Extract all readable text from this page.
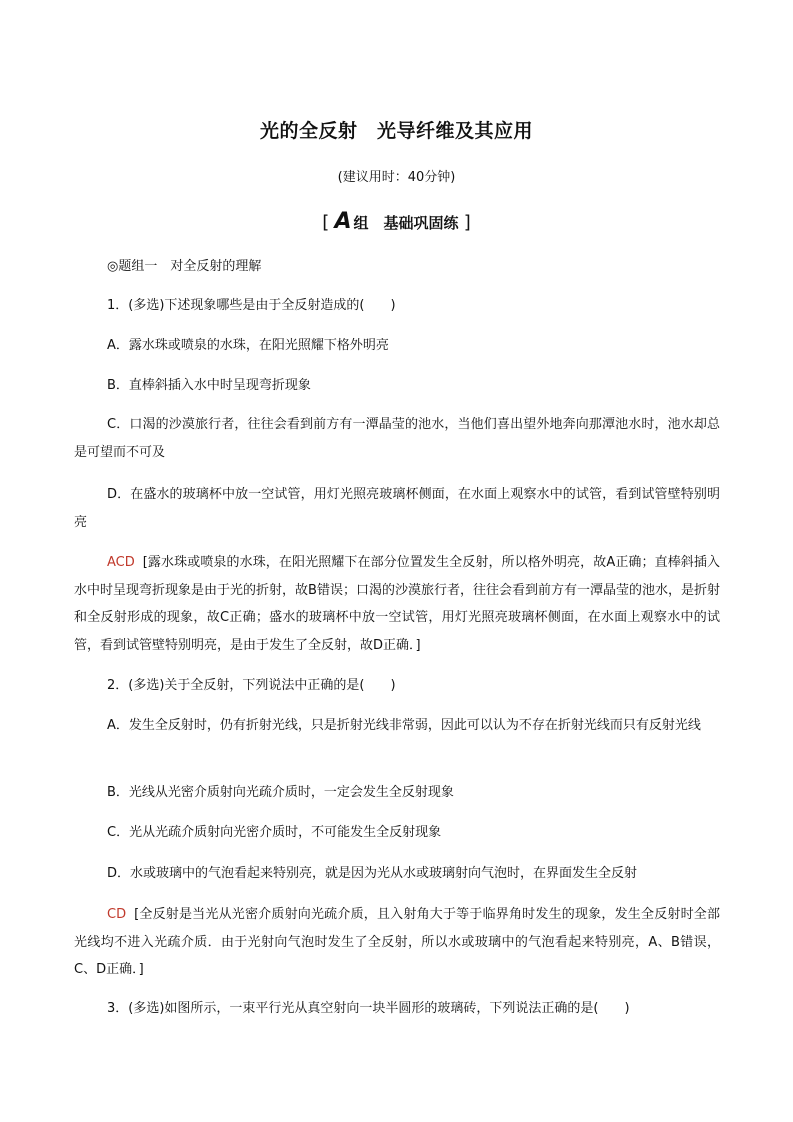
光的全反射　光导纤维及其应用
(建议用时：40分钟)
[ A 组　基础巩固练 ]
◎题组一　对全反射的理解
1．(多选)下述现象哪些是由于全反射造成的(　　)
A．露水珠或喷泉的水珠，在阳光照耀下格外明亮
B．直棒斜插入水中时呈现弯折现象
C．口渴的沙漠旅行者，往往会看到前方有一潭晶莹的池水，当他们喜出望外地奔向那潭池水时，池水却总是可望而不可及
D．在盛水的玻璃杯中放一空试管，用灯光照亮玻璃杯侧面，在水面上观察水中的试管，看到试管壁特别明亮
ACD [露水珠或喷泉的水珠，在阳光照耀下在部分位置发生全反射，所以格外明亮，故A正确；直棒斜插入水中时呈现弯折现象是由于光的折射，故B错误；口渴的沙漠旅行者，往往会看到前方有一潭晶莹的池水，是折射和全反射形成的现象，故C正确；盛水的玻璃杯中放一空试管，用灯光照亮玻璃杯侧面，在水面上观察水中的试管，看到试管壁特别明亮，是由于发生了全反射，故D正确．]
2．(多选)关于全反射，下列说法中正确的是(　　)
A．发生全反射时，仍有折射光线，只是折射光线非常弱，因此可以认为不存在折射光线而只有反射光线
B．光线从光密介质射向光疏介质时，一定会发生全反射现象
C．光从光疏介质射向光密介质时，不可能发生全反射现象
D．水或玻璃中的气泡看起来特别亮，就是因为光从水或玻璃射向气泡时，在界面发生全反射
CD [全反射是当光从光密介质射向光疏介质，且入射角大于等于临界角时发生的现象，发生全反射时全部光线均不进入光疏介质．由于光射向气泡时发生了全反射，所以水或玻璃中的气泡看起来特别亮，A、B错误，C、D正确．]
3．(多选)如图所示，一束平行光从真空射向一块半圆形的玻璃砖，下列说法正确的是(　　)
